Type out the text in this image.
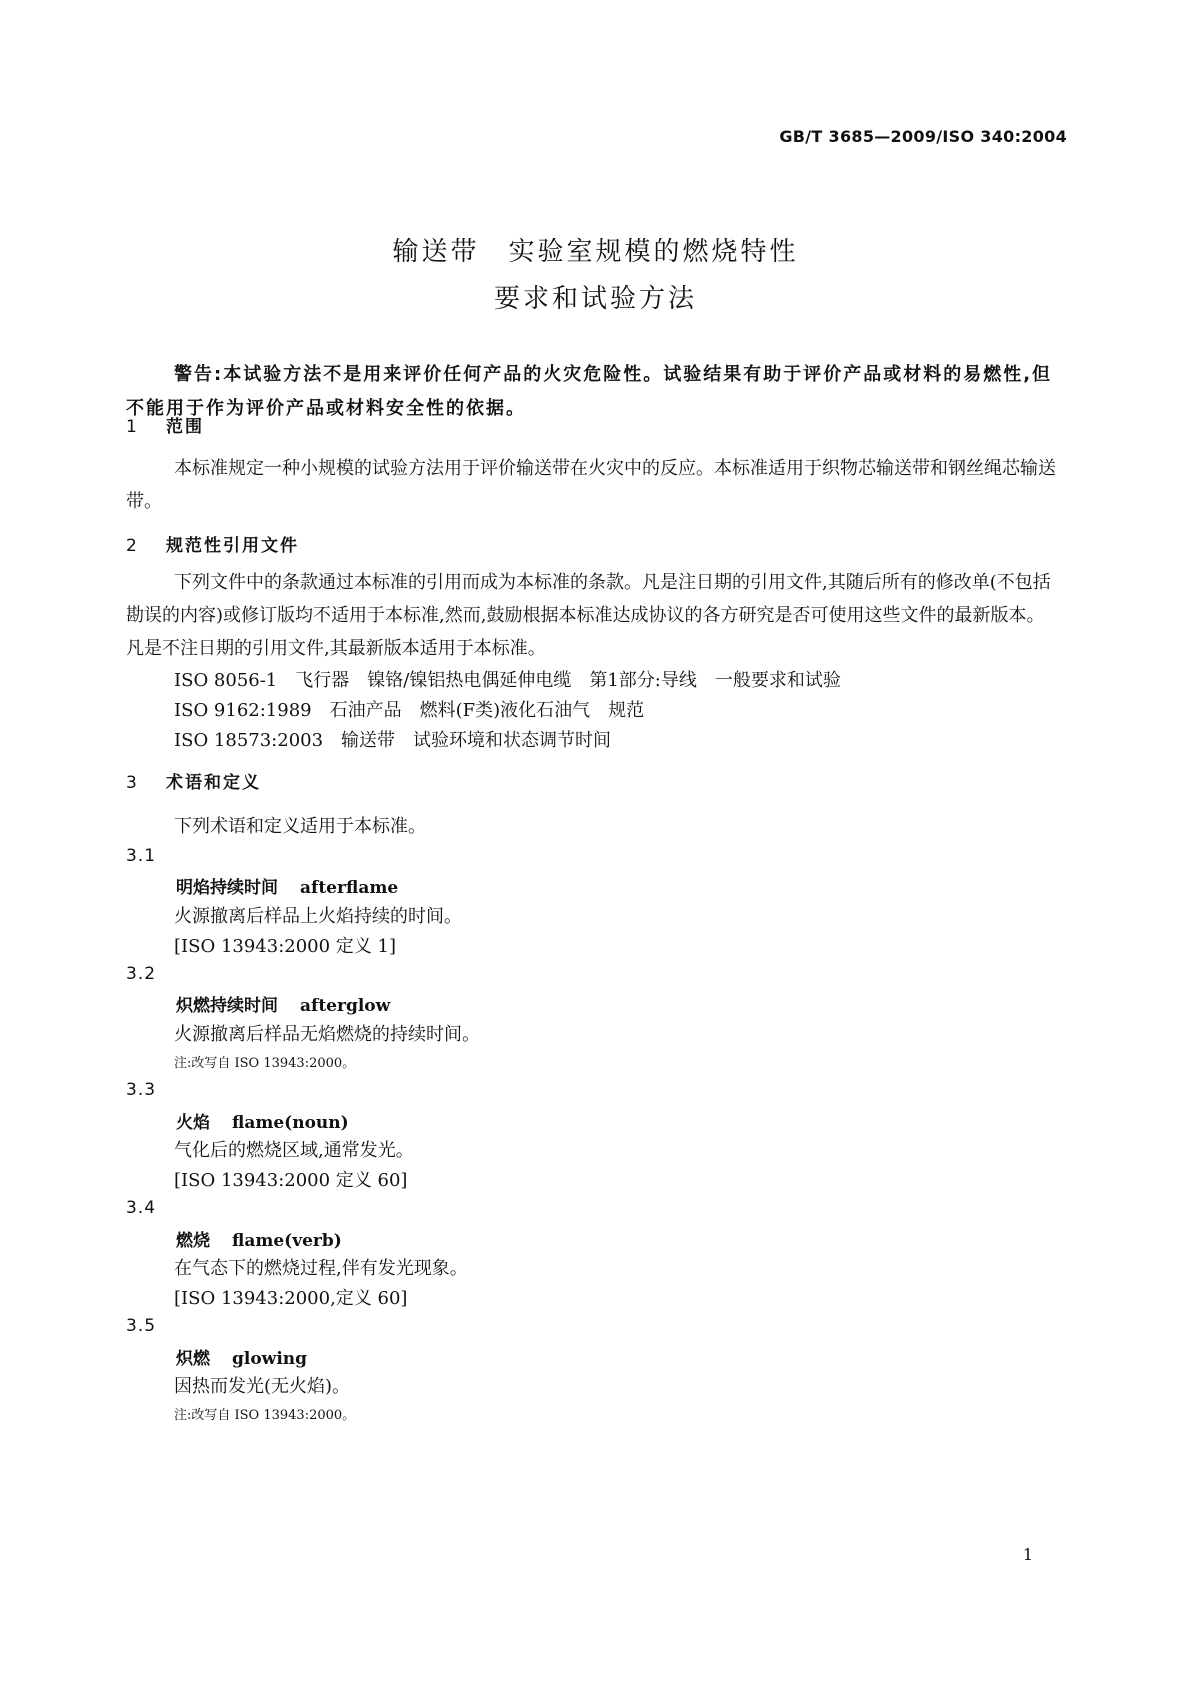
GB/T 3685—2009/ISO 340:2004
输送带　实验室规模的燃烧特性
要求和试验方法
警告:本试验方法不是用来评价任何产品的火灾危险性。试验结果有助于评价产品或材料的易燃性,但不能用于作为评价产品或材料安全性的依据。
1 范围
本标准规定一种小规模的试验方法用于评价输送带在火灾中的反应。本标准适用于织物芯输送带和钢丝绳芯输送带。
2 规范性引用文件
下列文件中的条款通过本标准的引用而成为本标准的条款。凡是注日期的引用文件,其随后所有的修改单(不包括勘误的内容)或修订版均不适用于本标准,然而,鼓励根据本标准达成协议的各方研究是否可使用这些文件的最新版本。凡是不注日期的引用文件,其最新版本适用于本标准。
ISO 8056-1　飞行器　镍铬/镍铝热电偶延伸电缆　第1部分:导线　一般要求和试验
ISO 9162:1989　石油产品　燃料(F类)液化石油气　规范
ISO 18573:2003　输送带　试验环境和状态调节时间
3 术语和定义
下列术语和定义适用于本标准。
3.1
明焰持续时间 afterflame
火源撤离后样品上火焰持续的时间。
[ISO 13943:2000 定义 1]
3.2
炽燃持续时间 afterglow
火源撤离后样品无焰燃烧的持续时间。
注:改写自 ISO 13943:2000。
3.3
火焰 flame(noun)
气化后的燃烧区域,通常发光。
[ISO 13943:2000 定义 60]
3.4
燃烧 flame(verb)
在气态下的燃烧过程,伴有发光现象。
[ISO 13943:2000,定义 60]
3.5
炽燃 glowing
因热而发光(无火焰)。
注:改写自 ISO 13943:2000。
1
